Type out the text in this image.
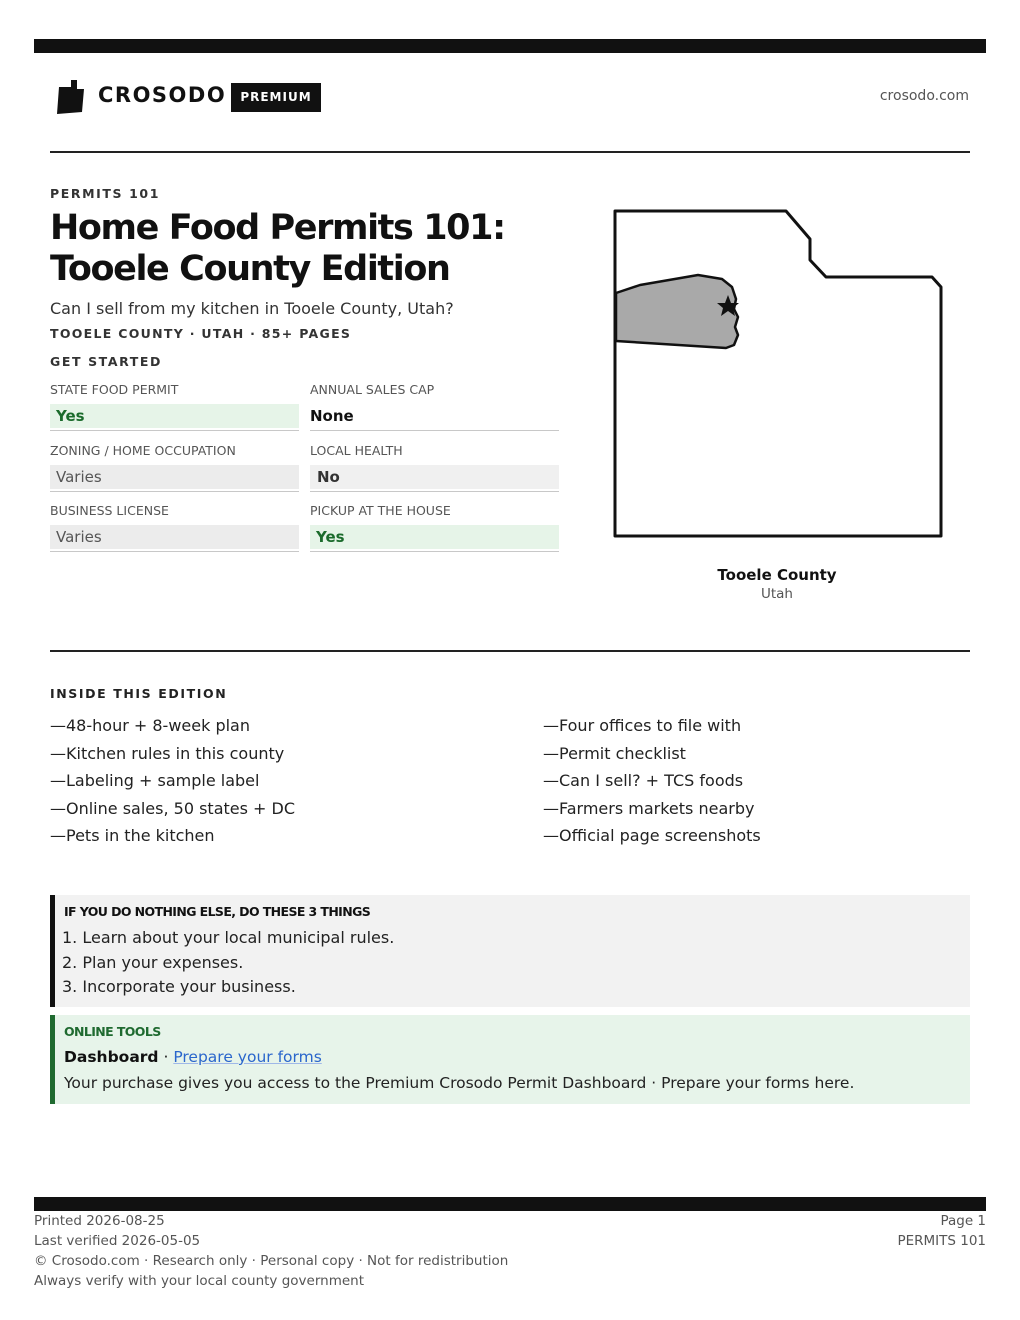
CROSODO	PREMIUM	crosodo.com
PERMITS 101
Home Food Permits 101: Tooele County Edition
Can I sell from my kitchen in Tooele County, Utah?
TOOELE COUNTY · UTAH · 85+ PAGES
GET STARTED
STATE FOOD PERMIT
Yes
ANNUAL SALES CAP
None
ZONING / HOME OCCUPATION
Varies
LOCAL HEALTH
No
BUSINESS LICENSE
Varies
PICKUP AT THE HOUSE
Yes
Tooele County
Utah
INSIDE THIS EDITION
—48-hour + 8-week plan
—Kitchen rules in this county
—Labeling + sample label
—Online sales, 50 states + DC
—Pets in the kitchen
—Four offices to file with
—Permit checklist
—Can I sell? + TCS foods
—Farmers markets nearby
—Official page screenshots
IF YOU DO NOTHING ELSE, DO THESE 3 THINGS
1. Learn about your local municipal rules.
2. Plan your expenses.
3. Incorporate your business.
ONLINE TOOLS
Dashboard · Prepare your forms
Your purchase gives you access to the Premium Crosodo Permit Dashboard · Prepare your forms here.
Printed 2026-08-25
Last verified 2026-05-05
© Crosodo.com · Research only · Personal copy · Not for redistribution
Always verify with your local county government
Page 1
PERMITS 101
